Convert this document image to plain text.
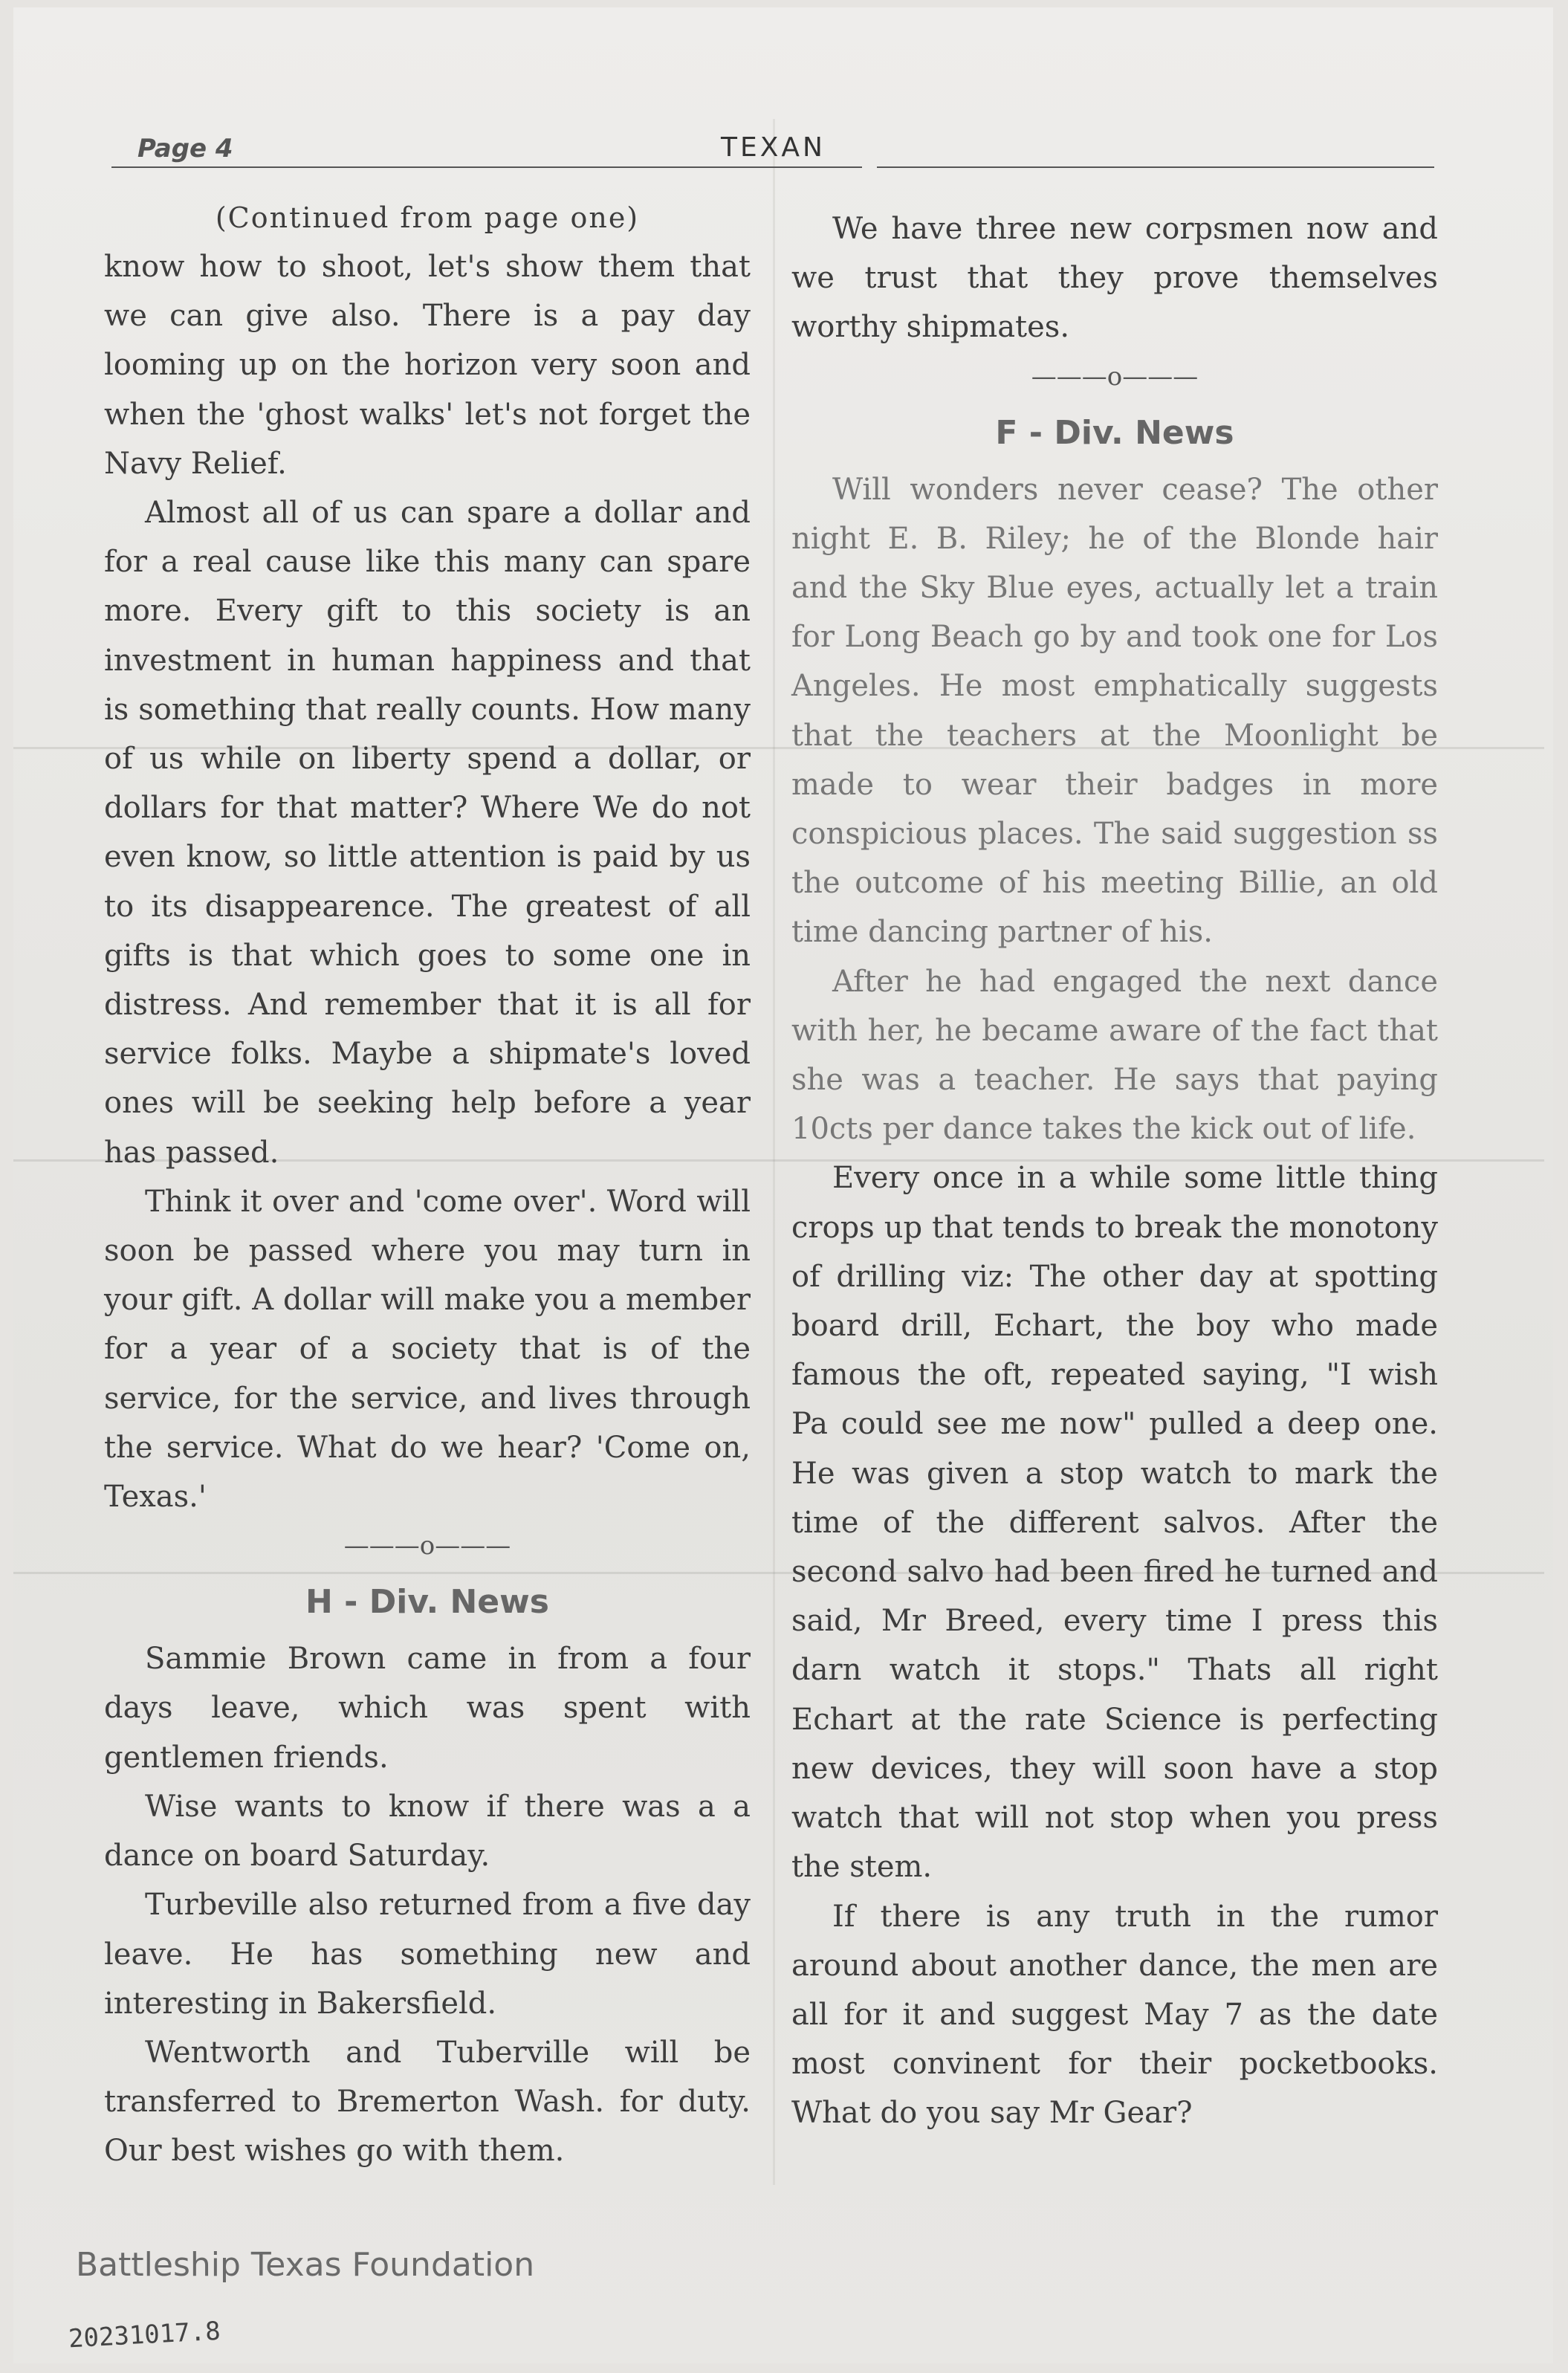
Page 4	TEXAN
(Continued from page one)

know how to shoot, let's show them that we can give also. There is a pay day looming up on the horizon very soon and when the 'ghost walks' let's not forget the Navy Relief.

Almost all of us can spare a dollar and for a real cause like this many can spare more. Every gift to this society is an investment in human happiness and that is something that really counts. How many of us while on liberty spend a dollar, or dollars for that matter? Where We do not even know, so little attention is paid by us to its disappearence. The greatest of all gifts is that which goes to some one in distress. And remember that it is all for service folks. Maybe a shipmate's loved ones will be seeking help before a year has passed.

Think it over and 'come over'. Word will soon be passed where you may turn in your gift. A dollar will make you a member for a year of a society that is of the service, for the service, and lives through the service. What do we hear? 'Come on, Texas.'

———o———
H - Div. News

Sammie Brown came in from a four days leave, which was spent with gentlemen friends.

Wise wants to know if there was a a dance on board Saturday.

Turbeville also returned from a five day leave. He has something new and interesting in Bakersfield.

Wentworth and Tuberville will be transferred to Bremerton Wash. for duty. Our best wishes go with them.

We have three new corpsmen now and we trust that they prove themselves worthy shipmates.

———o———
F - Div. News

Will wonders never cease? The other night E. B. Riley; he of the Blonde hair and the Sky Blue eyes, actually let a train for Long Beach go by and took one for Los Angeles. He most emphatically suggests that the teachers at the Moonlight be made to wear their badges in more conspicious places. The said suggestion ss the outcome of his meeting Billie, an old time dancing partner of his.

After he had engaged the next dance with her, he became aware of the fact that she was a teacher. He says that paying 10cts per dance takes the kick out of life.

Every once in a while some little thing crops up that tends to break the monotony of drilling viz: The other day at spotting board drill, Echart, the boy who made famous the oft, repeated saying, "I wish Pa could see me now" pulled a deep one. He was given a stop watch to mark the time of the different salvos. After the second salvo had been fired he turned and said, Mr Breed, every time I press this darn watch it stops." Thats all right Echart at the rate Science is perfecting new devices, they will soon have a stop watch that will not stop when you press the stem.

If there is any truth in the rumor around about another dance, the men are all for it and suggest May 7 as the date most convinent for their pocketbooks. What do you say Mr Gear?

Battleship Texas Foundation
20231017.8
